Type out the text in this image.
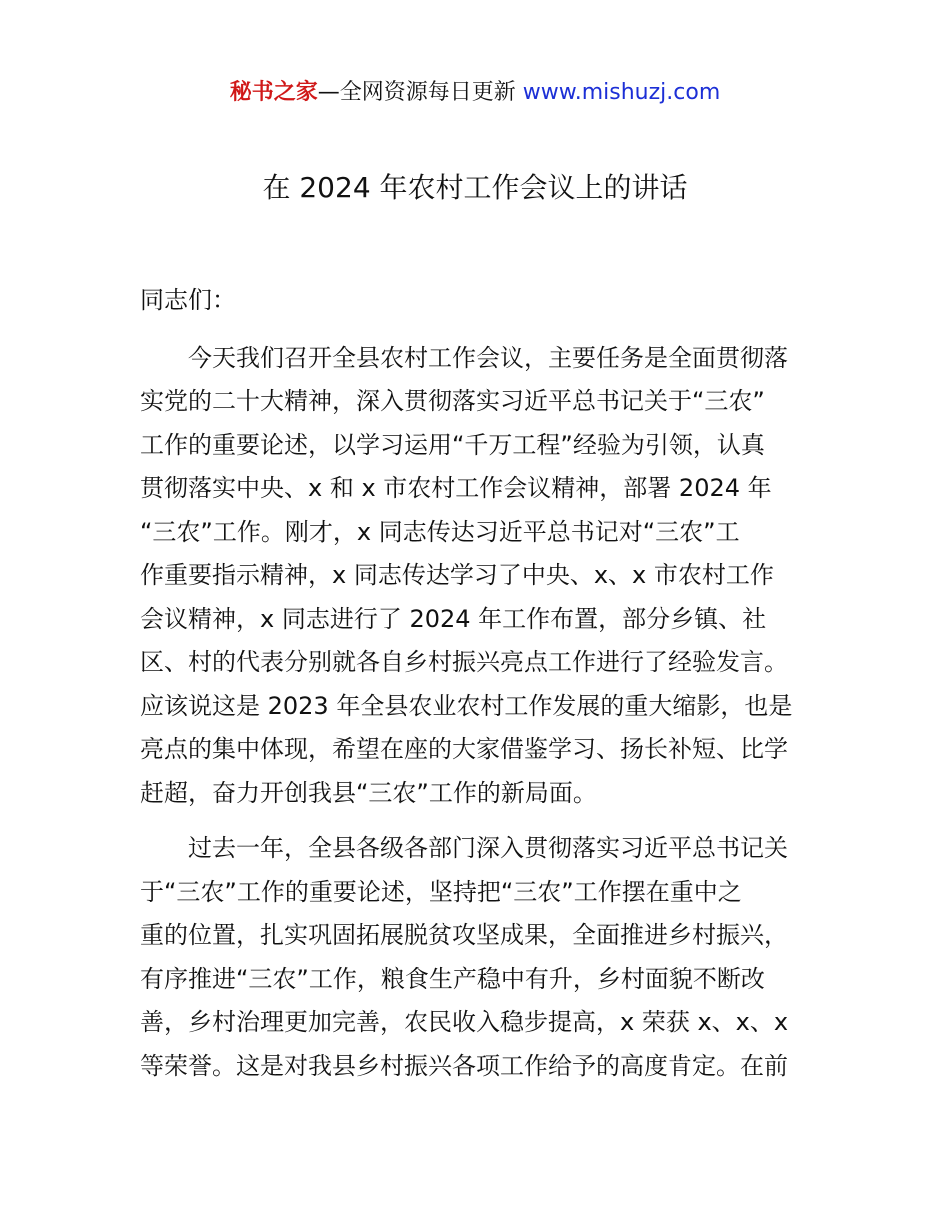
秘书之家—全网资源每日更新 www.mishuzj.com
在 2024 年农村工作会议上的讲话
同志们：
今天我们召开全县农村工作会议，主要任务是全面贯彻落
实党的二十大精神，深入贯彻落实习近平总书记关于“三农”
工作的重要论述，以学习运用“千万工程”经验为引领，认真
贯彻落实中央、x 和 x 市农村工作会议精神，部署 2024 年
“三农”工作。刚才，x 同志传达习近平总书记对“三农”工
作重要指示精神，x 同志传达学习了中央、x、x 市农村工作
会议精神，x 同志进行了 2024 年工作布置，部分乡镇、社
区、村的代表分别就各自乡村振兴亮点工作进行了经验发言。
应该说这是 2023 年全县农业农村工作发展的重大缩影，也是
亮点的集中体现，希望在座的大家借鉴学习、扬长补短、比学
赶超，奋力开创我县“三农”工作的新局面。
过去一年，全县各级各部门深入贯彻落实习近平总书记关
于“三农”工作的重要论述，坚持把“三农”工作摆在重中之
重的位置，扎实巩固拓展脱贫攻坚成果，全面推进乡村振兴，
有序推进“三农”工作，粮食生产稳中有升，乡村面貌不断改
善，乡村治理更加完善，农民收入稳步提高，x 荣获 x、x、x
等荣誉。这是对我县乡村振兴各项工作给予的高度肯定。在前
